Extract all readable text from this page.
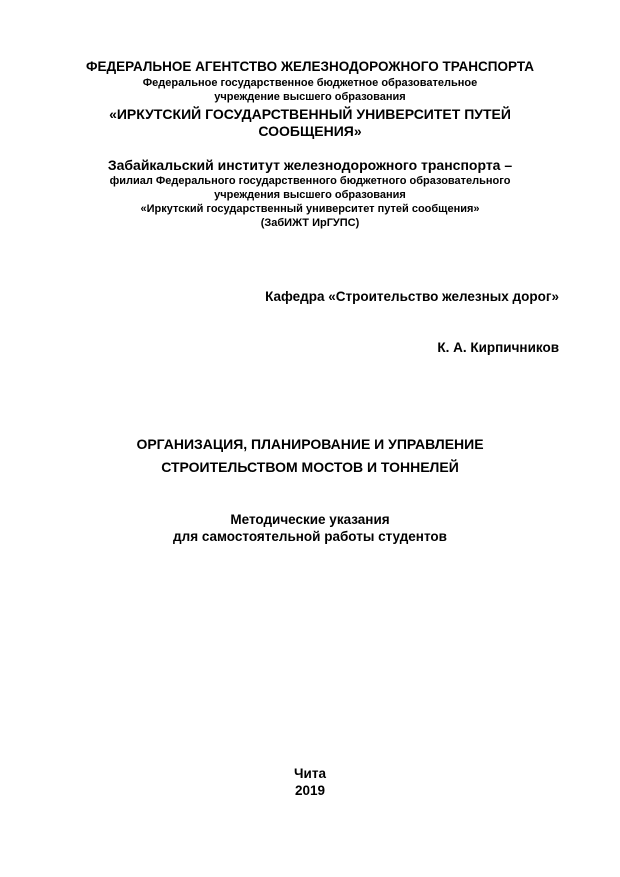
ФЕДЕРАЛЬНОЕ АГЕНТСТВО ЖЕЛЕЗНОДОРОЖНОГО ТРАНСПОРТА
Федеральное государственное бюджетное образовательное
учреждение высшего образования
«ИРКУТСКИЙ ГОСУДАРСТВЕННЫЙ УНИВЕРСИТЕТ ПУТЕЙ
СООБЩЕНИЯ»
Забайкальский институт железнодорожного транспорта –
филиал Федерального государственного бюджетного образовательного
учреждения высшего образования
«Иркутский государственный университет путей сообщения»
(ЗабИЖТ ИрГУПС)
Кафедра «Строительство железных дорог»
К. А. Кирпичников
ОРГАНИЗАЦИЯ, ПЛАНИРОВАНИЕ И УПРАВЛЕНИЕ
СТРОИТЕЛЬСТВОМ МОСТОВ И ТОННЕЛЕЙ
Методические указания
для самостоятельной работы студентов
Чита
2019
